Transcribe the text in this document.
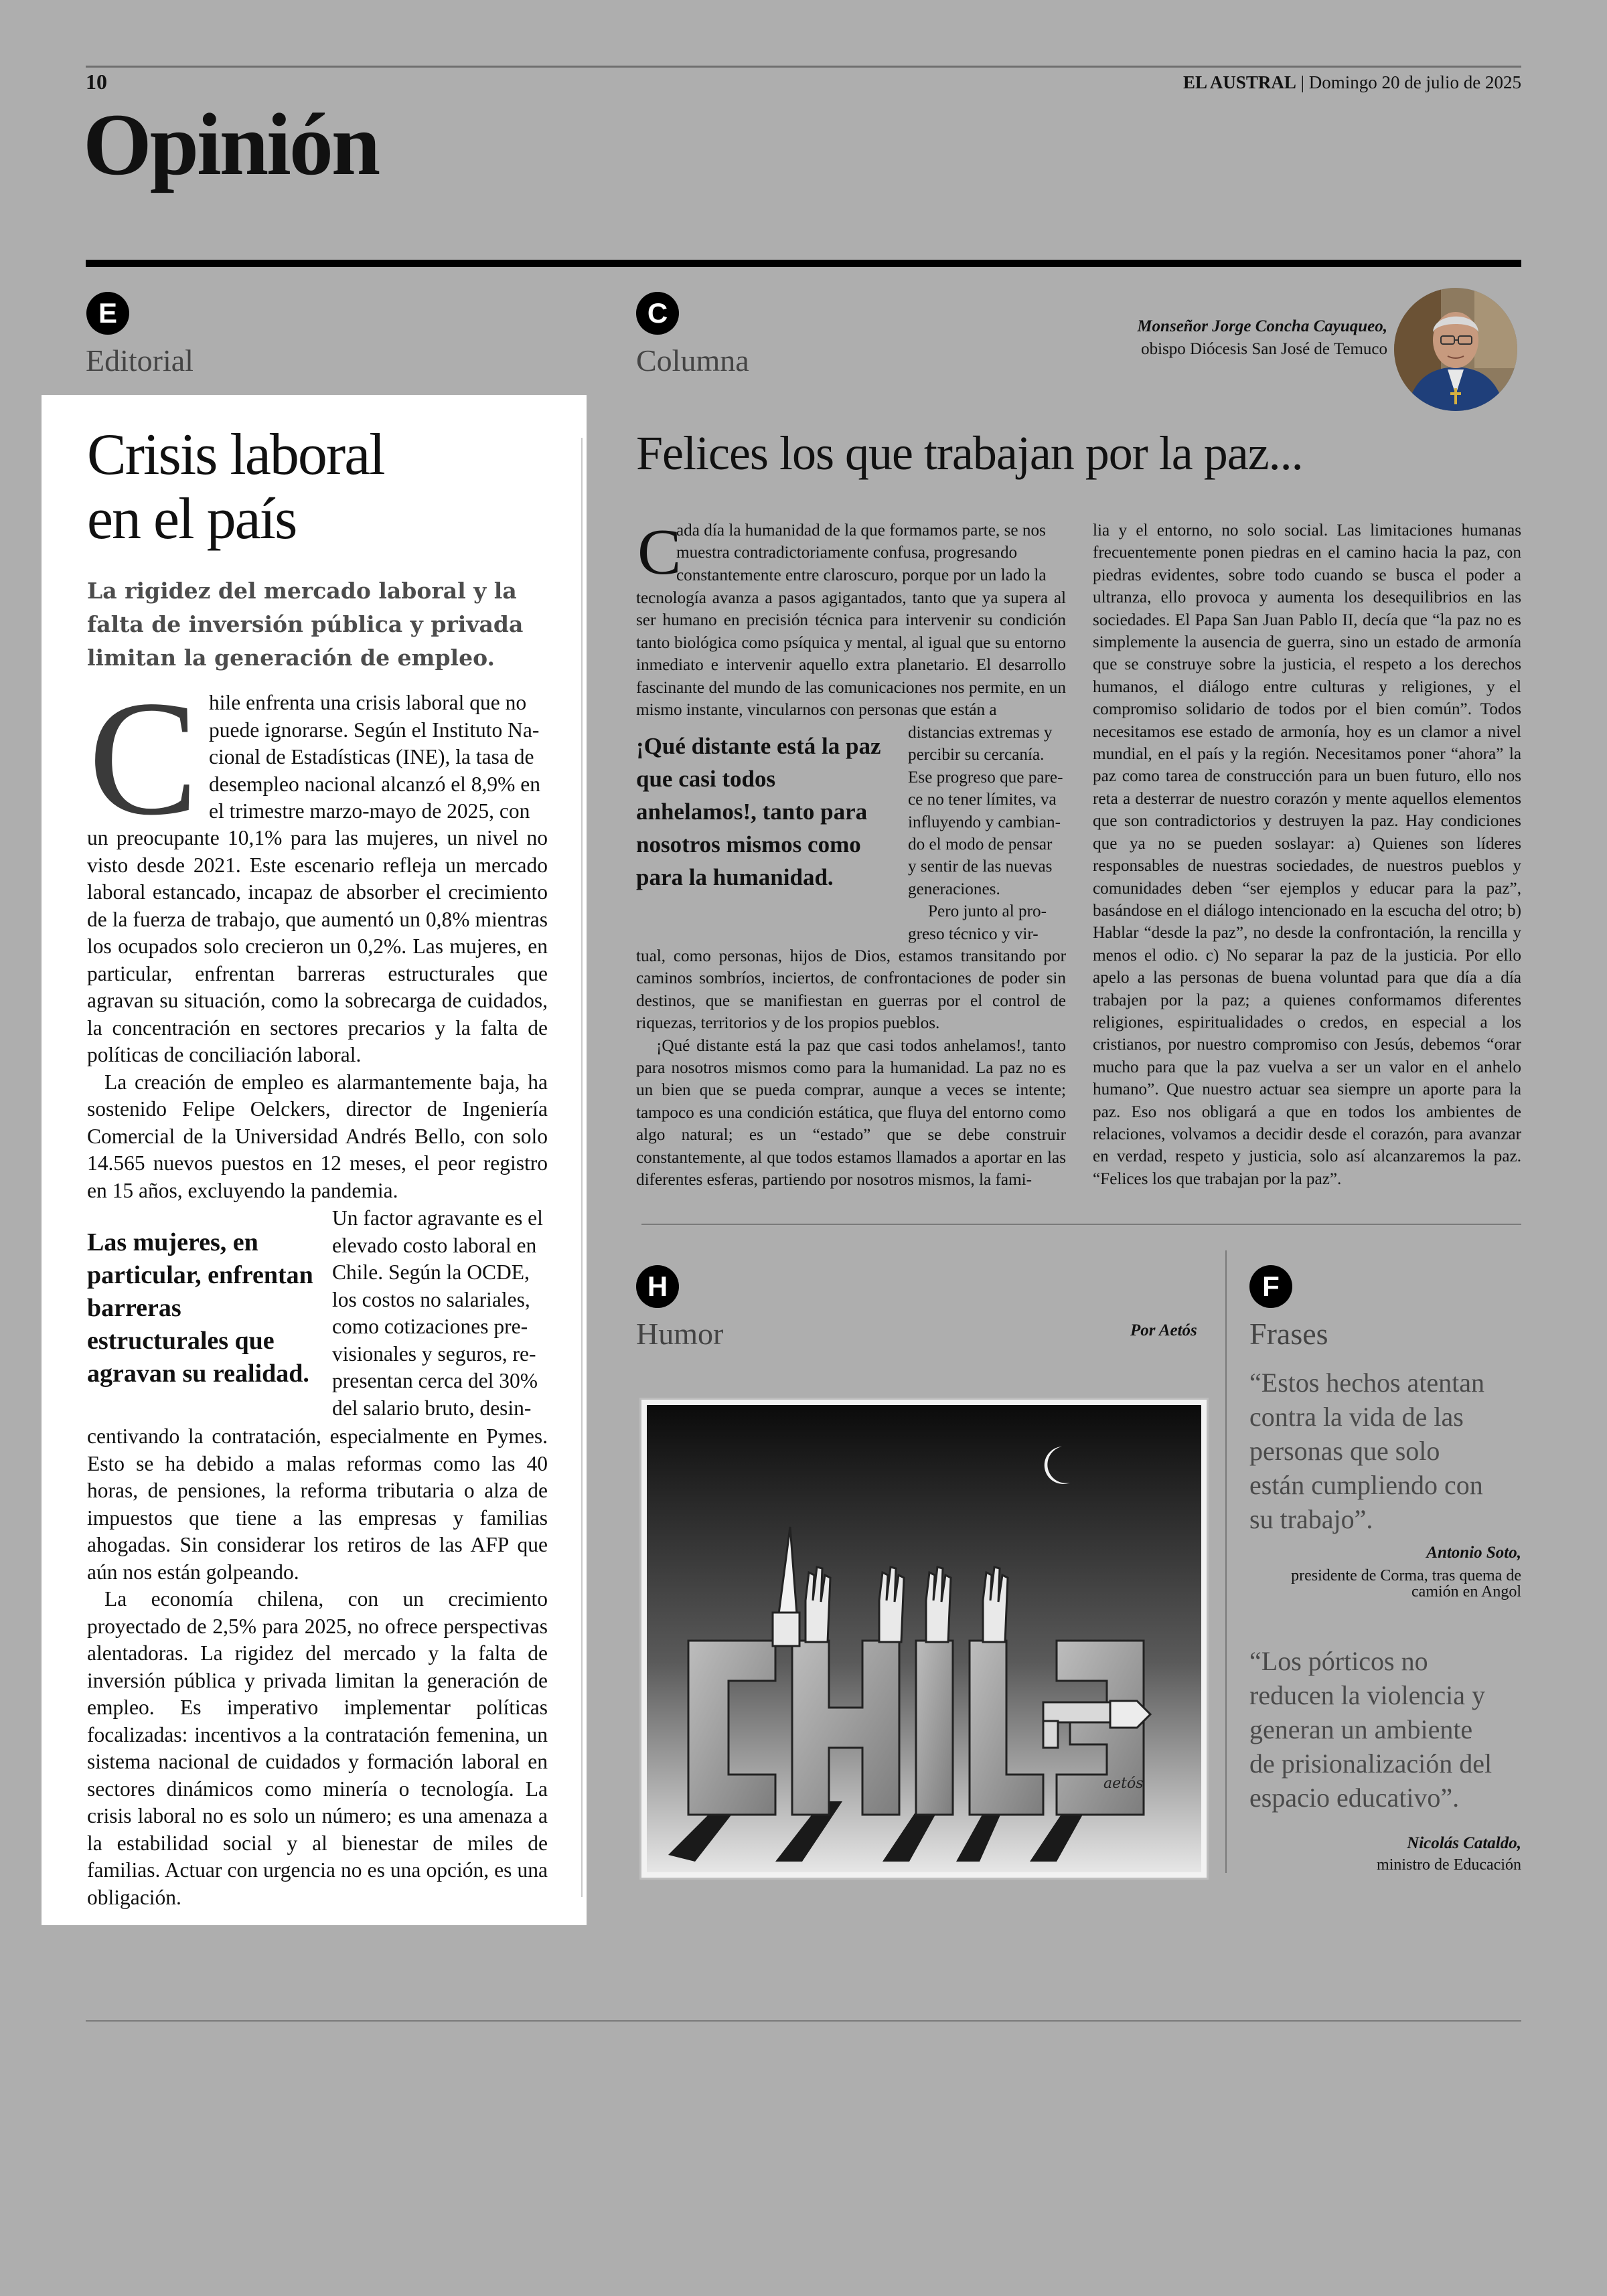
10	EL AUSTRAL | Domingo 20 de julio de 2025
Opinión
E
Editorial
Crisis laboral
en el país
La rigidez del mercado laboral y la falta de inversión pública y privada limitan la generación de empleo.
C hile enfrenta una crisis laboral que no
puede ignorarse. Según el Instituto Na-
cional de Estadísticas (INE), la tasa de
desempleo nacional alcanzó el 8,9% en
el trimestre marzo-mayo de 2025, con

un preocupante 10,1% para las mujeres, un nivel no visto desde 2021. Este escenario refleja un mercado laboral estancado, incapaz de absorber el crecimiento de la fuerza de trabajo, que aumentó un 0,8% mientras los ocupados solo crecieron un 0,2%. Las mujeres, en particular, enfrentan barreras estructurales que agravan su situación, como la sobrecarga de cuidados, la concentración en sectores precarios y la falta de políticas de conciliación laboral.

La creación de empleo es alarmantemente baja, ha sostenido Felipe Oelckers, director de Ingeniería Comercial de la Universidad Andrés Bello, con solo 14.565 nuevos puestos en 12 meses, el peor registro en 15 años, excluyendo la pandemia.

Las mujeres, en particular, enfrentan barreras estructurales que agravan su realidad.
Un factor agravante es el
elevado costo laboral en
Chile. Según la OCDE,
los costos no salariales,
como cotizaciones pre-
visionales y seguros, re-
presentan cerca del 30%
del salario bruto, desin-

centivando la contratación, especialmente en Pymes. Esto se ha debido a malas reformas como las 40 horas, de pensiones, la reforma tributaria o alza de impuestos que tiene a las empresas y familias ahogadas. Sin considerar los retiros de las AFP que aún nos están golpeando.

La economía chilena, con un crecimiento proyectado de 2,5% para 2025, no ofrece perspectivas alentadoras. La rigidez del mercado y la falta de inversión pública y privada limitan la generación de empleo. Es imperativo implementar políticas focalizadas: incentivos a la contratación femenina, un sistema nacional de cuidados y formación laboral en sectores dinámicos como minería o tecnología. La crisis laboral no es solo un número; es una amenaza a la estabilidad social y al bienestar de miles de familias. Actuar con urgencia no es una opción, es una obligación.

C
Columna
Monseñor Jorge Concha Cayuqueo,
obispo Diócesis San José de Temuco
Felices los que trabajan por la paz...
C
ada día la humanidad de la que formamos parte, se nos
muestra contradictoriamente confusa, progresando
constantemente entre claroscuro, porque por un lado la
tecnología avanza a pasos agigantados, tanto que ya supera al ser humano en precisión técnica para intervenir su condición tanto biológica como psíquica y mental, al igual que su entorno inmediato e intervenir aquello extra planetario. El desarrollo fascinante del mundo de las comunicaciones nos permite, en un mismo instante, vincularnos con personas que están a
¡Qué distante está la paz que casi todos anhelamos!, tanto para nosotros mismos como para la humanidad.
distancias extremas y
percibir su cercanía.
Ese progreso que pare-
ce no tener límites, va
influyendo y cambian-
do el modo de pensar
y sentir de las nuevas
generaciones.
Pero junto al pro-
greso técnico y vir-

tual, como personas, hijos de Dios, estamos transitando por caminos sombríos, inciertos, de confrontaciones de poder sin destinos, que se manifiestan en guerras por el control de riquezas, territorios y de los propios pueblos.

¡Qué distante está la paz que casi todos anhelamos!, tanto para nosotros mismos como para la humanidad. La paz no es un bien que se pueda comprar, aunque a veces se intente; tampoco es una condición estática, que fluya del entorno como algo natural; es un “estado” que se debe construir constantemente, al que todos estamos llamados a aportar en las diferentes esferas, partiendo por nosotros mismos, la fami-

lia y el entorno, no solo social. Las limitaciones humanas frecuentemente ponen piedras en el camino hacia la paz, con piedras evidentes, sobre todo cuando se busca el poder a ultranza, ello provoca y aumenta los desequilibrios en las sociedades. El Papa San Juan Pablo II, decía que “la paz no es simplemente la ausencia de guerra, sino un estado de armonía que se construye sobre la justicia, el respeto a los derechos humanos, el diálogo entre culturas y religiones, y el compromiso solidario de todos por el bien común”. Todos necesitamos ese estado de armonía, hoy es un clamor a nivel mundial, en el país y la región. Necesitamos poner “ahora” la paz como tarea de construcción para un buen futuro, ello nos reta a desterrar de nuestro corazón y mente aquellos elementos que son contradictorios y destruyen la paz. Hay condiciones que ya no se pueden soslayar: a) Quienes son líderes responsables de nuestras sociedades, de nuestros pueblos y comunidades deben “ser ejemplos y educar para la paz”, basándose en el diálogo intencionado en la escucha del otro; b) Hablar “desde la paz”, no desde la confrontación, la rencilla y menos el odio. c) No separar la paz de la justicia. Por ello apelo a las personas de buena voluntad para que día a día trabajen por la paz; a quienes conformamos diferentes religiones, espiritualidades o credos, en especial a los cristianos, por nuestro compromiso con Jesús, debemos “orar mucho para que la paz vuelva a ser un valor en el anhelo humano”. Que nuestro actuar sea siempre un aporte para la paz. Eso nos obligará a que en todos los ambientes de relaciones, volvamos a decidir desde el corazón, para avanzar en verdad, respeto y justicia, solo así alcanzaremos la paz. “Felices los que trabajan por la paz”.
H
Humor	Por Aetós
aetós
F
Frases
“Estos hechos atentan
contra la vida de las
personas que solo
están cumpliendo con
su trabajo”.
Antonio Soto,
presidente de Corma, tras quema de camión en Angol
“Los pórticos no
reducen la violencia y
generan un ambiente
de prisionalización del
espacio educativo”.
Nicolás Cataldo,
ministro de Educación
